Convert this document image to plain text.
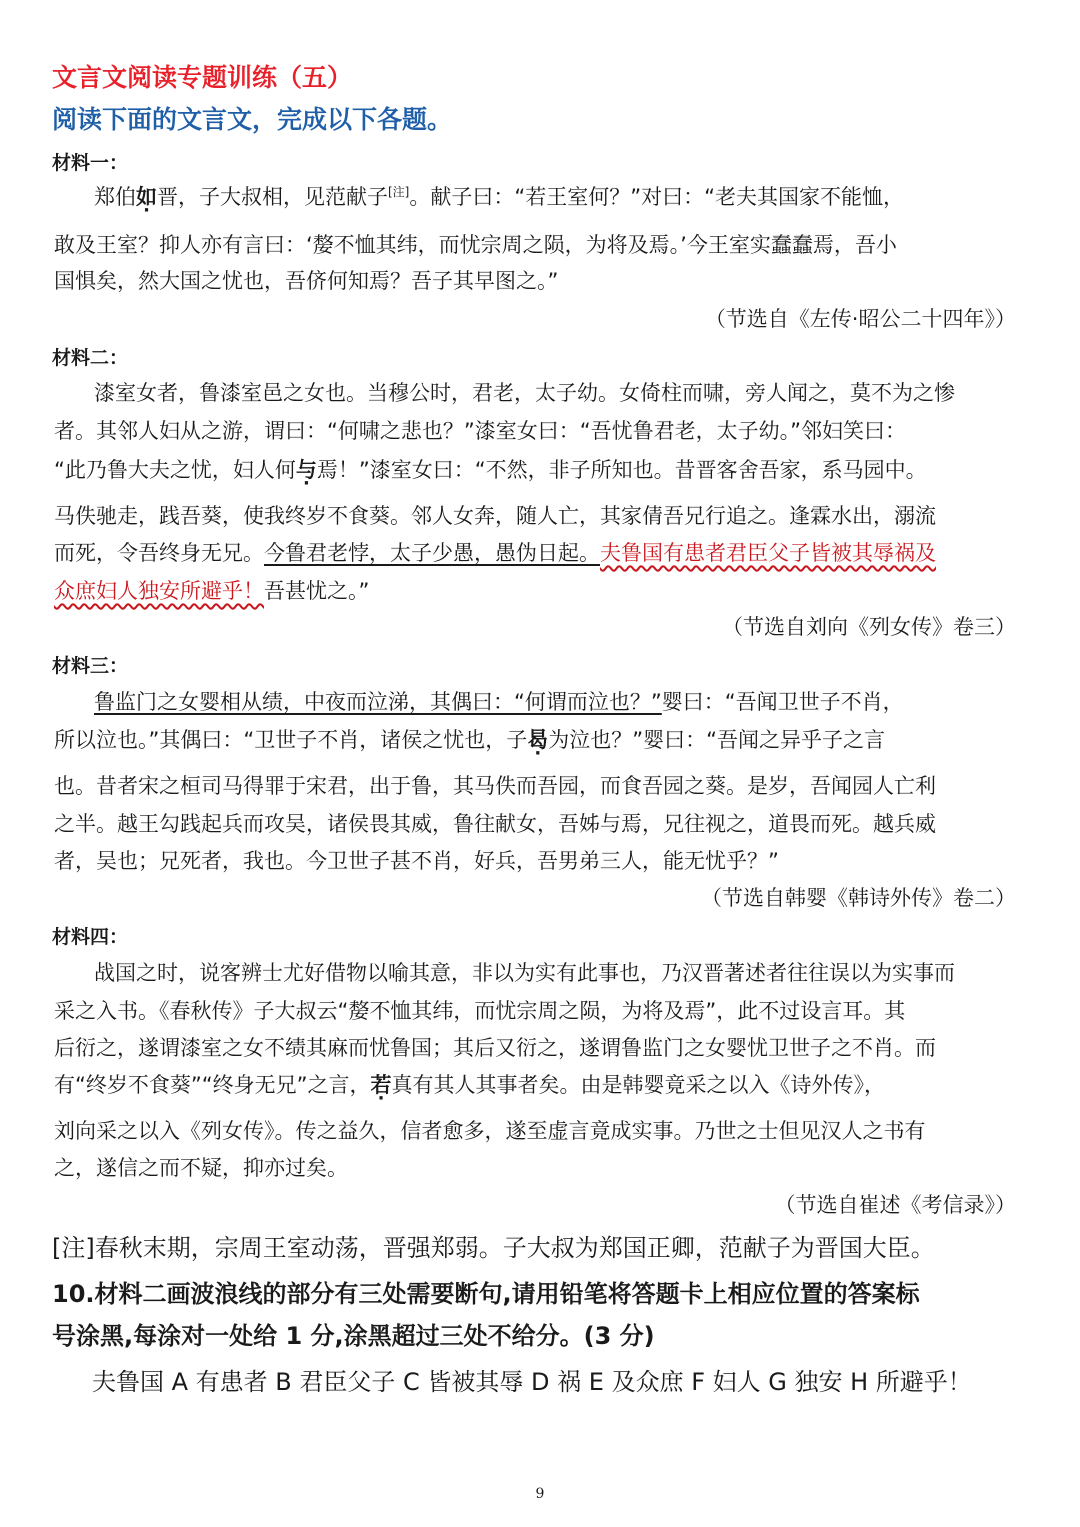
文言文阅读专题训练（五）
阅读下面的文言文，完成以下各题。

材料一：

郑伯如晋，子大叔相，见范献子[注]。献子曰：“若王室何？”对曰：“老夫其国家不能恤，

敢及王室？抑人亦有言曰：‘嫠不恤其纬，而忧宗周之陨，为将及焉。’今王室实蠢蠢焉，吾小

国惧矣，然大国之忧也，吾侪何知焉？吾子其早图之。”

（节选自《左传·昭公二十四年》）

材料二：

漆室女者，鲁漆室邑之女也。当穆公时，君老，太子幼。女倚柱而啸，旁人闻之，莫不为之惨

者。其邻人妇从之游，谓曰：“何啸之悲也？”漆室女曰：“吾忧鲁君老，太子幼。”邻妇笑曰：

“此乃鲁大夫之忧，妇人何与焉！”漆室女曰：“不然，非子所知也。昔晋客舍吾家，系马园中。

马佚驰走，践吾葵，使我终岁不食葵。邻人女奔，随人亡，其家倩吾兄行追之。逢霖水出，溺流

而死，令吾终身无兄。今鲁君老悖，太子少愚，愚伪日起。夫鲁国有患者君臣父子皆被其辱祸及

众庶妇人独安所避乎！吾甚忧之。”

（节选自刘向《列女传》卷三）

材料三：

鲁监门之女婴相从绩，中夜而泣涕，其偶曰：“何谓而泣也？”婴曰：“吾闻卫世子不肖，

所以泣也。”其偶曰：“卫世子不肖，诸侯之忧也，子曷为泣也？”婴曰：“吾闻之异乎子之言

也。昔者宋之桓司马得罪于宋君，出于鲁，其马佚而吾园，而食吾园之葵。是岁，吾闻园人亡利

之半。越王勾践起兵而攻吴，诸侯畏其威，鲁往献女，吾姊与焉，兄往视之，道畏而死。越兵威

者，吴也；兄死者，我也。今卫世子甚不肖，好兵，吾男弟三人，能无忧乎？”

（节选自韩婴《韩诗外传》卷二）

材料四：

战国之时，说客辨士尤好借物以喻其意，非以为实有此事也，乃汉晋著述者往往误以为实事而

采之入书。《春秋传》子大叔云“嫠不恤其纬，而忧宗周之陨，为将及焉”，此不过设言耳。其

后衍之，遂谓漆室之女不绩其麻而忧鲁国；其后又衍之，遂谓鲁监门之女婴忧卫世子之不肖。而

有“终岁不食葵”“终身无兄”之言，若真有其人其事者矣。由是韩婴竟采之以入《诗外传》，

刘向采之以入《列女传》。传之益久，信者愈多，遂至虚言竟成实事。乃世之士但见汉人之书有

之，遂信之而不疑，抑亦过矣。

（节选自崔述《考信录》）

[注]春秋末期，宗周王室动荡，晋强郑弱。子大叔为郑国正卿，范献子为晋国大臣。

10.材料二画波浪线的部分有三处需要断句,请用铅笔将答题卡上相应位置的答案标

号涂黑,每涂对一处给 1 分,涂黑超过三处不给分。(3 分)

夫鲁国 A 有患者 B 君臣父子 C 皆被其辱 D 祸 E 及众庶 F 妇人 G 独安 H 所避乎！

9
